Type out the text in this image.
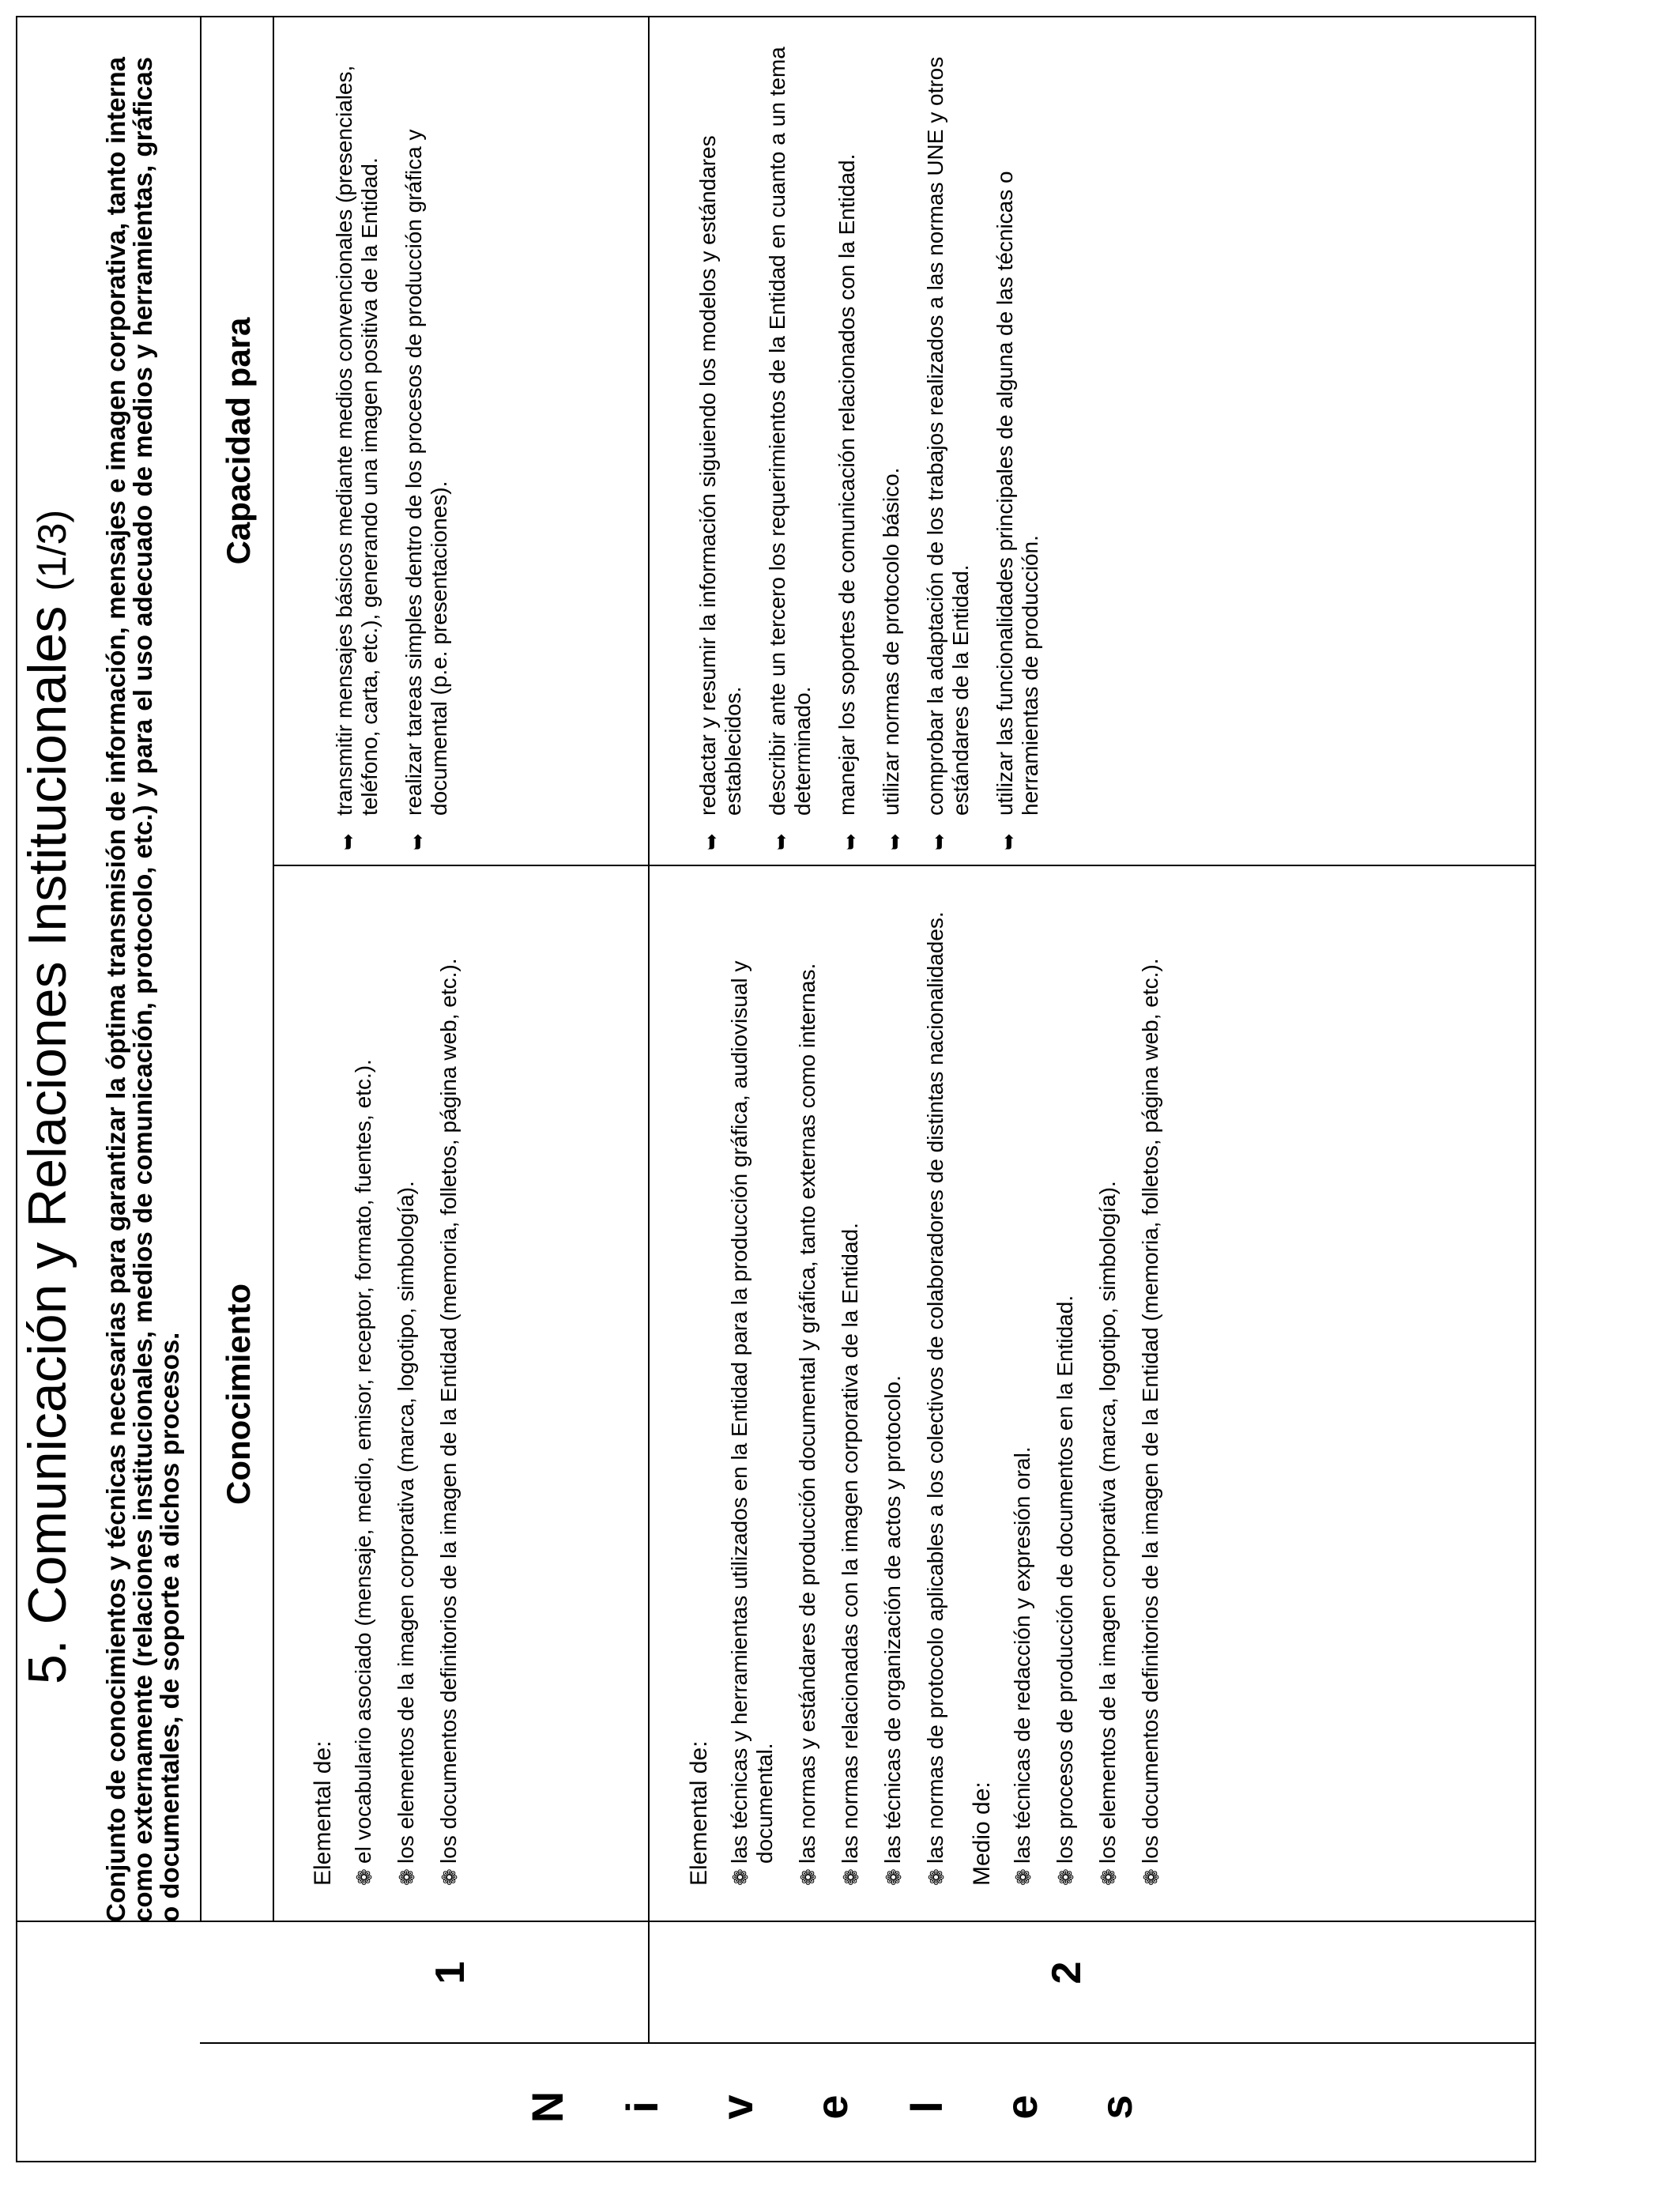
5. Comunicación y Relaciones Institucionales (1/3)	Conjunto de conocimientos y técnicas necesarias para garantizar la óptima transmisión de información, mensajes e imagen corporativa, tanto interna como externamente (relaciones institucionales, medios de comunicación, protocolo, etc.) y para el uso adecuado de medios y herramientas, gráficas o documentales, de soporte a dichos procesos. Conocimiento
Capacidad para
N i v e l e s
1
Elemental de: ❁
el vocabulario asociado (mensaje, medio, emisor, receptor, formato, fuentes, etc.).
❁
los elementos de la imagen corporativa (marca, logotipo, simbología).
❁
los documentos definitorios de la imagen de la Entidad (memoria, folletos, página web, etc.).
➥
transmitir mensajes básicos mediante medios convencionales (presenciales, teléfono, carta, etc.), generando una imagen positiva de la Entidad.
➥
realizar tareas simples dentro de los procesos de producción gráfica y documental (p.e. presentaciones).
2
Elemental de: ❁
las técnicas y herramientas utilizados en la Entidad para la producción gráfica, audiovisual y documental.
❁
las normas y estándares de producción documental y gráfica, tanto externas como internas.
❁
las normas relacionadas con la imagen corporativa de la Entidad.
❁
las técnicas de organización de actos y protocolo.
❁
las normas de protocolo aplicables a los colectivos de colaboradores de distintas nacionalidades. Medio de: ❁
las técnicas de redacción y expresión oral.
❁
los procesos de producción de documentos en la Entidad.
❁
los elementos de la imagen corporativa (marca, logotipo, simbología).
❁
los documentos definitorios de la imagen de la Entidad (memoria, folletos, página web, etc.).
➥
redactar y resumir la información siguiendo los modelos y estándares establecidos.
➥
describir ante un tercero los requerimientos de la Entidad en cuanto a un tema determinado.
➥
manejar los soportes de comunicación relacionados con la Entidad.
➥
utilizar normas de protocolo básico.
➥
comprobar la adaptación de los trabajos realizados a las normas UNE y otros estándares de la Entidad.
➥
utilizar las funcionalidades principales de alguna de las técnicas o herramientas de producción.
